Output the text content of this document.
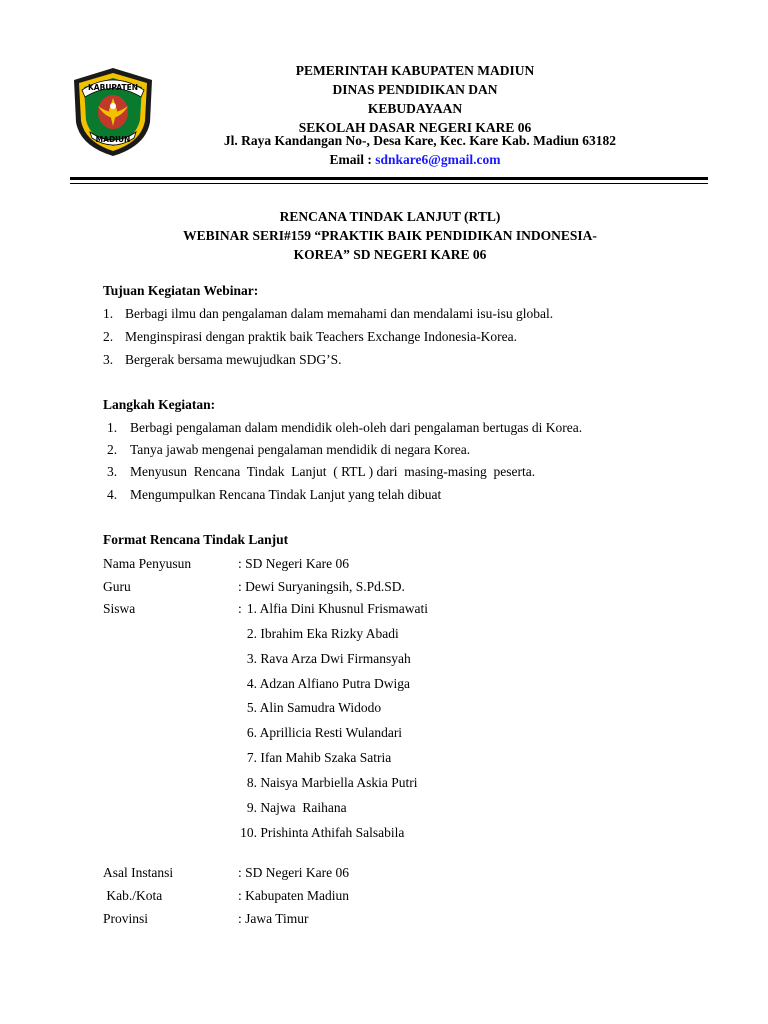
KABUPATEN
MADIUN
PEMERINTAH KABUPATEN MADIUN
DINAS PENDIDIKAN DAN
KEBUDAYAAN
SEKOLAH DASAR NEGERI KARE 06
Jl. Raya Kandangan No-, Desa Kare, Kec. Kare Kab. Madiun 63182
Email : sdnkare6@gmail.com
RENCANA TINDAK LANJUT (RTL)
WEBINAR SERI#159 “PRAKTIK BAIK PENDIDIKAN INDONESIA-
KOREA” SD NEGERI KARE 06
Tujuan Kegiatan Webinar:
1. Berbagi ilmu dan pengalaman dalam memahami dan mendalami isu-isu global.
2. Menginspirasi dengan praktik baik Teachers Exchange Indonesia-Korea.
3. Bergerak bersama mewujudkan SDG’S.
Langkah Kegiatan:
1. Berbagi pengalaman dalam mendidik oleh-oleh dari pengalaman bertugas di Korea.
2. Tanya jawab mengenai pengalaman mendidik di negara Korea.
3. Menyusun  Rencana  Tindak  Lanjut  ( RTL ) dari  masing-masing  peserta.
4. Mengumpulkan Rencana Tindak Lanjut yang telah dibuat
Format Rencana Tindak Lanjut
Nama Penyusun	: SD Negeri Kare 06
Guru	: Dewi Suryaningsih, S.Pd.SD.
Siswa	: 1. Alfia Dini Khusnul Frismawati
2. Ibrahim Eka Rizky Abadi
3. Rava Arza Dwi Firmansyah
4. Adzan Alfiano Putra Dwiga
5. Alin Samudra Widodo
6. Aprillicia Resti Wulandari
7. Ifan Mahib Szaka Satria
8. Naisya Marbiella Askia Putri
9. Najwa  Raihana
10. Prishinta Athifah Salsabila
Asal Instansi	: SD Negeri Kare 06
Kab./Kota	: Kabupaten Madiun
Provinsi	: Jawa Timur
